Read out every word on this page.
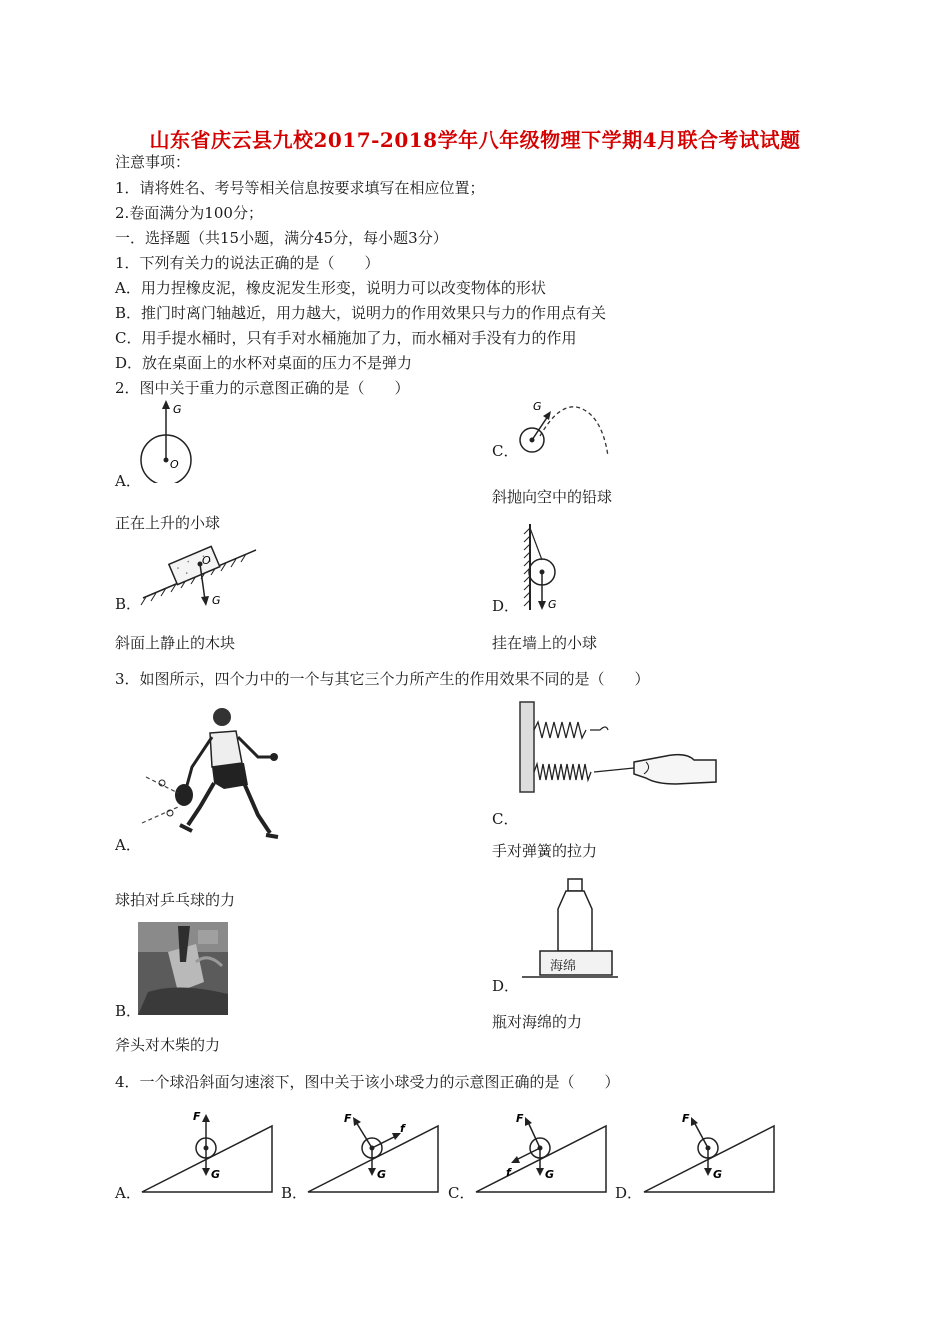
山东省庆云县九校2017-2018学年八年级物理下学期4月联合考试试题
注意事项：
1．请将姓名、考号等相关信息按要求填写在相应位置；
2.卷面满分为100分；
一．选择题（共15小题，满分45分，每小题3分）
1．下列有关力的说法正确的是（　　）
A．用力捏橡皮泥，橡皮泥发生形变，说明力可以改变物体的形状
B．推门时离门轴越近，用力越大，说明力的作用效果只与力的作用点有关
C．用手提水桶时，只有手对水桶施加了力，而水桶对手没有力的作用
D．放在桌面上的水杯对桌面的压力不是弹力
2．图中关于重力的示意图正确的是（　　）
G
O
A．
正在上升的小球
G
C．
斜抛向空中的铅球
O
G
B．
斜面上静止的木块
G
D．
挂在墙上的小球
3．如图所示，四个力中的一个与其它三个力所产生的作用效果不同的是（　　）
A．
球拍对乒乓球的力
C．
手对弹簧的拉力
B．
斧头对木柴的力
海绵
D．
瓶对海绵的力
4．一个球沿斜面匀速滚下，图中关于该小球受力的示意图正确的是（　　）
F
G
A．
F
f
G
B．
F
f	G
C．
F
G
D．
